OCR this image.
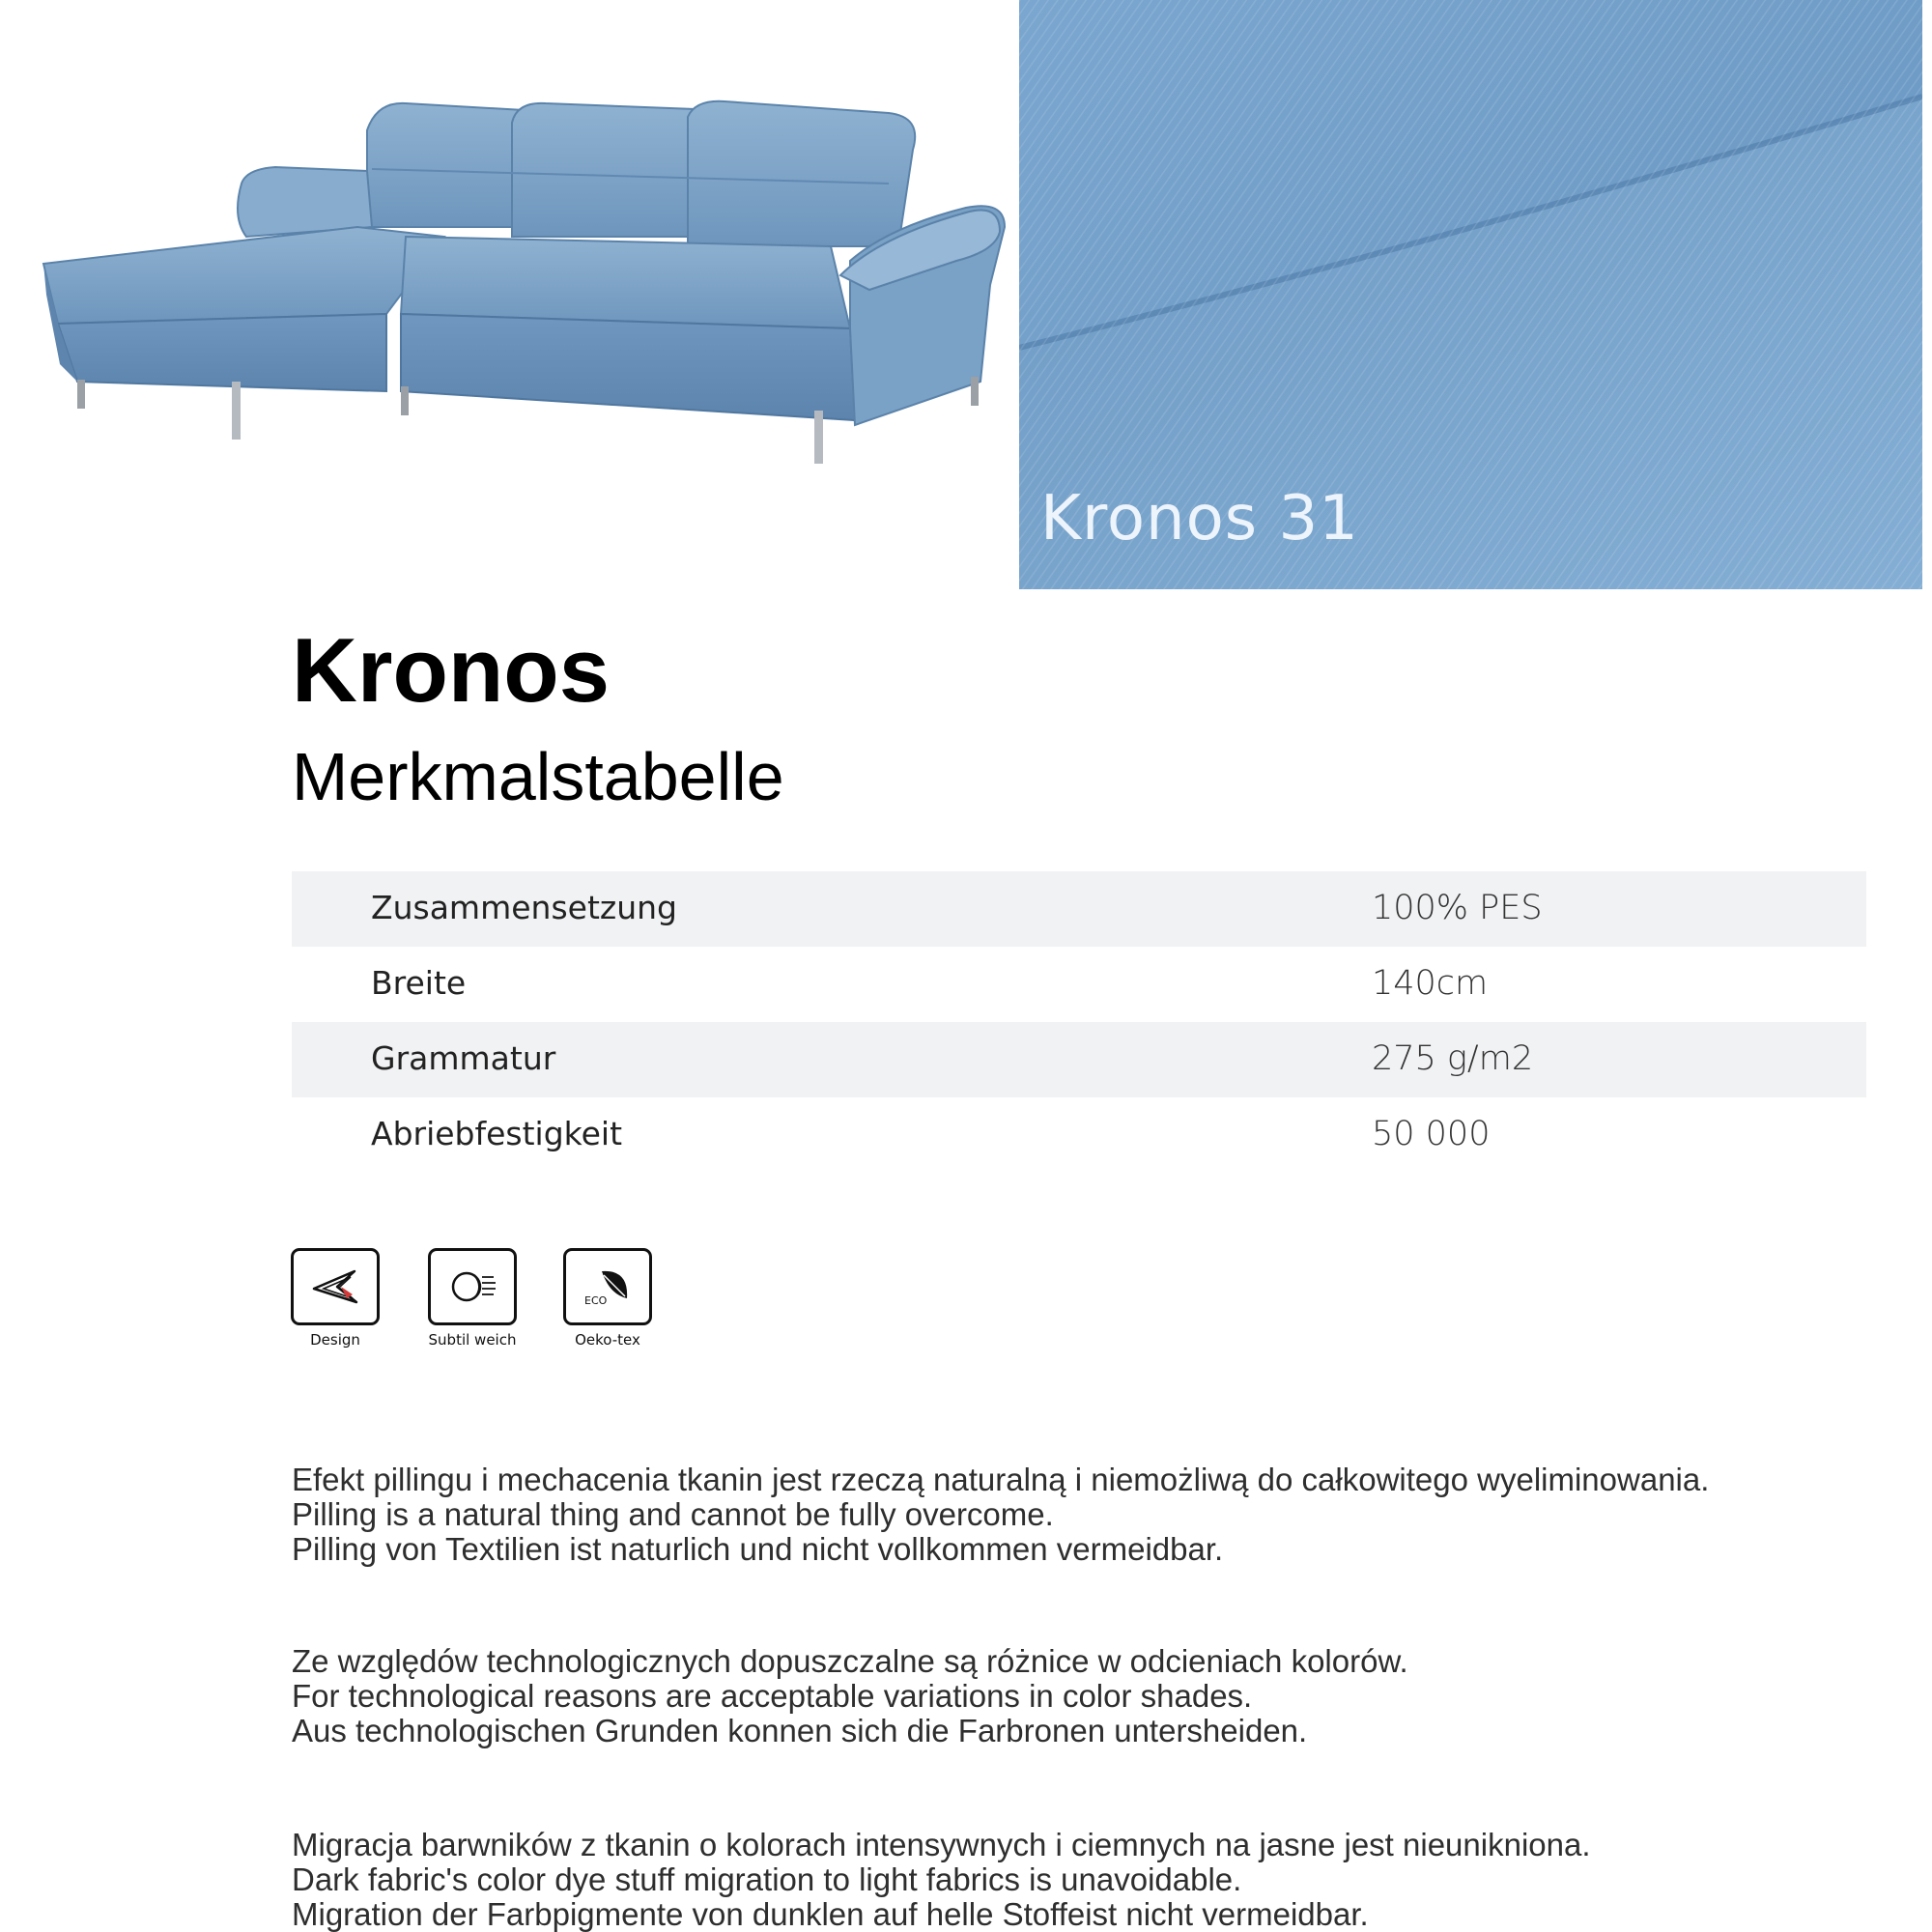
Kronos 31
Kronos
Merkmalstabelle
Zusammensetzung	100% PES
Breite	140cm
Grammatur	275 g/m2
Abriebfestigkeit	50 000
Design	Subtil weich
ECO
Oeko-tex
Efekt pillingu i mechacenia tkanin jest rzeczą naturalną i niemożliwą do całkowitego wyeliminowania.
Pilling is a natural thing and cannot be fully overcome.
Pilling von Textilien ist naturlich und nicht vollkommen vermeidbar.
Ze względów technologicznych dopuszczalne są różnice w odcieniach kolorów.
For technological reasons are acceptable variations in color shades.
Aus technologischen Grunden konnen sich die Farbronen untersheiden.
Migracja barwników z tkanin o kolorach intensywnych i ciemnych na jasne jest nieunikniona.
Dark fabric's color dye stuff migration to light fabrics is unavoidable.
Migration der Farbpigmente von dunklen auf helle Stoffeist nicht vermeidbar.
